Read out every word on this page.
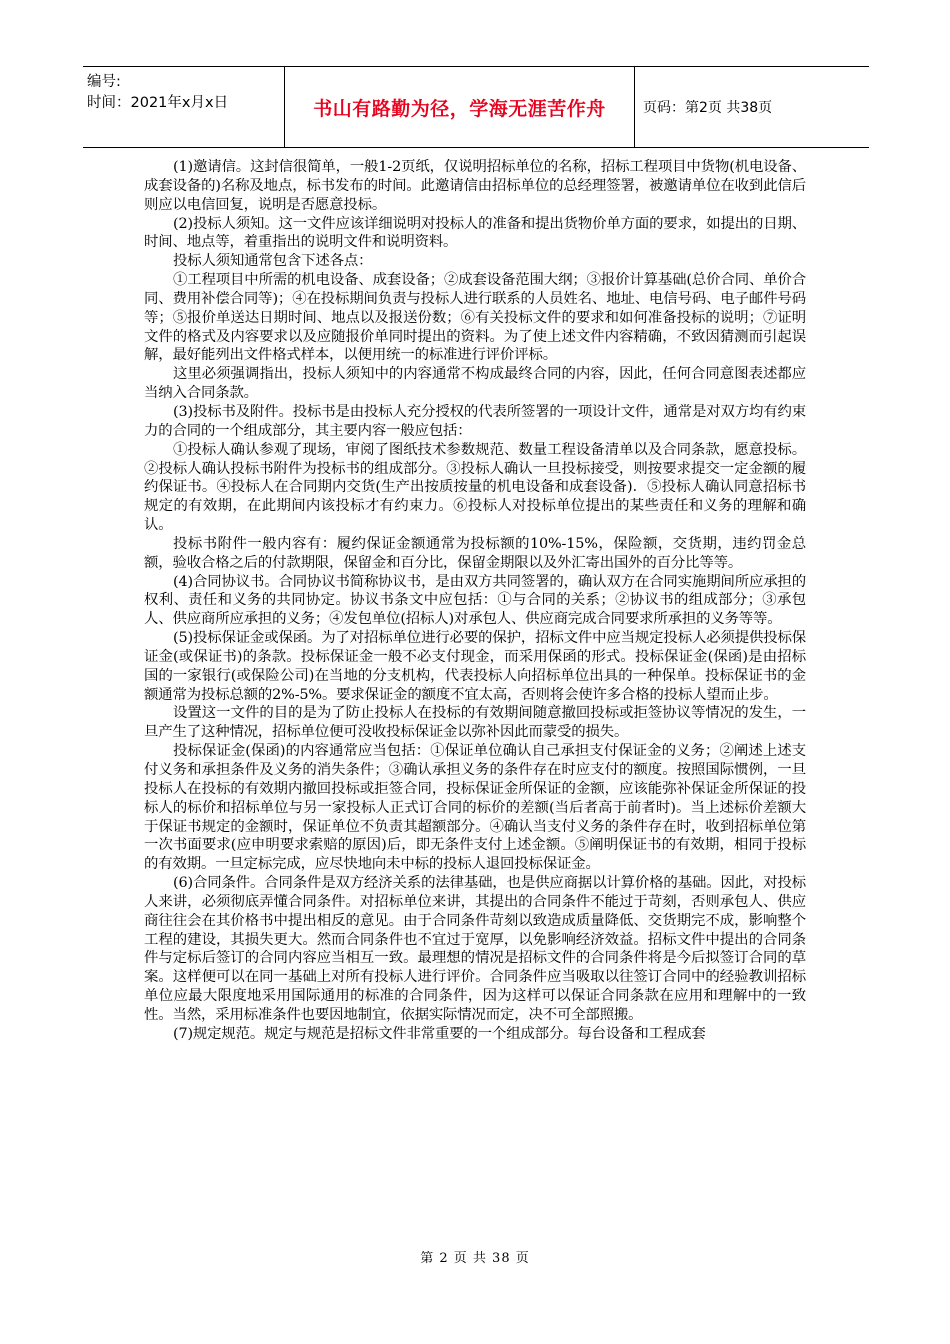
编号:
时间：2021年x月x日	书山有路勤为径，学海无涯苦作舟	页码：第2页 共38页

(1)邀请信。这封信很简单，一般1-2页纸，仅说明招标单位的名称，招标工程项目中货物(机电设备、成套设备的)名称及地点，标书发布的时间。此邀请信由招标单位的总经理签署，被邀请单位在收到此信后则应以电信回复，说明是否愿意投标。

(2)投标人须知。这一文件应该详细说明对投标人的准备和提出货物价单方面的要求，如提出的日期、时间、地点等，着重指出的说明文件和说明资料。

投标人须知通常包含下述各点：

①工程项目中所需的机电设备、成套设备；②成套设备范围大纲；③报价计算基础(总价合同、单价合同、费用补偿合同等)；④在投标期间负责与投标人进行联系的人员姓名、地址、电信号码、电子邮件号码等；⑤报价单送达日期时间、地点以及报送份数；⑥有关投标文件的要求和如何准备投标的说明；⑦证明文件的格式及内容要求以及应随报价单同时提出的资料。为了使上述文件内容精确，不致因猜测而引起误解，最好能列出文件格式样本，以便用统一的标准进行评价评标。

这里必须强调指出，投标人须知中的内容通常不构成最终合同的内容，因此，任何合同意图表述都应当纳入合同条款。

(3)投标书及附件。投标书是由投标人充分授权的代表所签署的一项设计文件，通常是对双方均有约束力的合同的一个组成部分，其主要内容一般应包括：

①投标人确认参观了现场，审阅了图纸技术参数规范、数量工程设备清单以及合同条款，愿意投标。②投标人确认投标书附件为投标书的组成部分。③投标人确认一旦投标接受，则按要求提交一定金额的履约保证书。④投标人在合同期内交货(生产出按质按量的机电设备和成套设备)．⑤投标人确认同意招标书规定的有效期，在此期间内该投标才有约束力。⑥投标人对投标单位提出的某些责任和义务的理解和确认。

投标书附件一般内容有：履约保证金额通常为投标额的10%-15%，保险额，交货期，违约罚金总额，验收合格之后的付款期限，保留金和百分比，保留金期限以及外汇寄出国外的百分比等等。

(4)合同协议书。合同协议书简称协议书，是由双方共同签署的，确认双方在合同实施期间所应承担的权利、责任和义务的共同协定。协议书条文中应包括：①与合同的关系；②协议书的组成部分；③承包人、供应商所应承担的义务；④发包单位(招标人)对承包人、供应商完成合同要求所承担的义务等等。

(5)投标保证金或保函。为了对招标单位进行必要的保护，招标文件中应当规定投标人必须提供投标保证金(或保证书)的条款。投标保证金一般不必支付现金，而采用保函的形式。投标保证金(保函)是由招标国的一家银行(或保险公司)在当地的分支机构，代表投标人向招标单位出具的一种保单。投标保证书的金额通常为投标总额的2%-5%。要求保证金的额度不宜太高，否则将会使许多合格的投标人望而止步。

设置这一文件的目的是为了防止投标人在投标的有效期间随意撤回投标或拒签协议等情况的发生，一旦产生了这种情况，招标单位便可没收投标保证金以弥补因此而蒙受的损失。

投标保证金(保函)的内容通常应当包括：①保证单位确认自己承担支付保证金的义务；②阐述上述支付义务和承担条件及义务的消失条件；③确认承担义务的条件存在时应支付的额度。按照国际惯例，一旦投标人在投标的有效期内撤回投标或拒签合同，投标保证金所保证的金额，应该能弥补保证金所保证的投标人的标价和招标单位与另一家投标人正式订合同的标价的差额(当后者高于前者时)。当上述标价差额大于保证书规定的金额时，保证单位不负责其超额部分。④确认当支付义务的条件存在时，收到招标单位第一次书面要求(应申明要求索赔的原因)后，即无条件支付上述金额。⑤阐明保证书的有效期，相同于投标的有效期。一旦定标完成，应尽快地向未中标的投标人退回投标保证金。

(6)合同条件。合同条件是双方经济关系的法律基础，也是供应商据以计算价格的基础。因此，对投标人来讲，必须彻底弄懂合同条件。对招标单位来讲，其提出的合同条件不能过于苛刻，否则承包人、供应商往往会在其价格书中提出相反的意见。由于合同条件苛刻以致造成质量降低、交货期完不成，影响整个工程的建设，其损失更大。然而合同条件也不宜过于宽厚，以免影响经济效益。招标文件中提出的合同条件与定标后签订的合同内容应当相互一致。最理想的情况是招标文件的合同条件将是今后拟签订合同的草案。这样便可以在同一基础上对所有投标人进行评价。合同条件应当吸取以往签订合同中的经验教训招标单位应最大限度地采用国际通用的标准的合同条件，因为这样可以保证合同条款在应用和理解中的一致性。当然，采用标准条件也要因地制宜，依据实际情况而定，决不可全部照搬。

(7)规定规范。规定与规范是招标文件非常重要的一个组成部分。每台设备和工程成套

第 2 页 共 38 页
